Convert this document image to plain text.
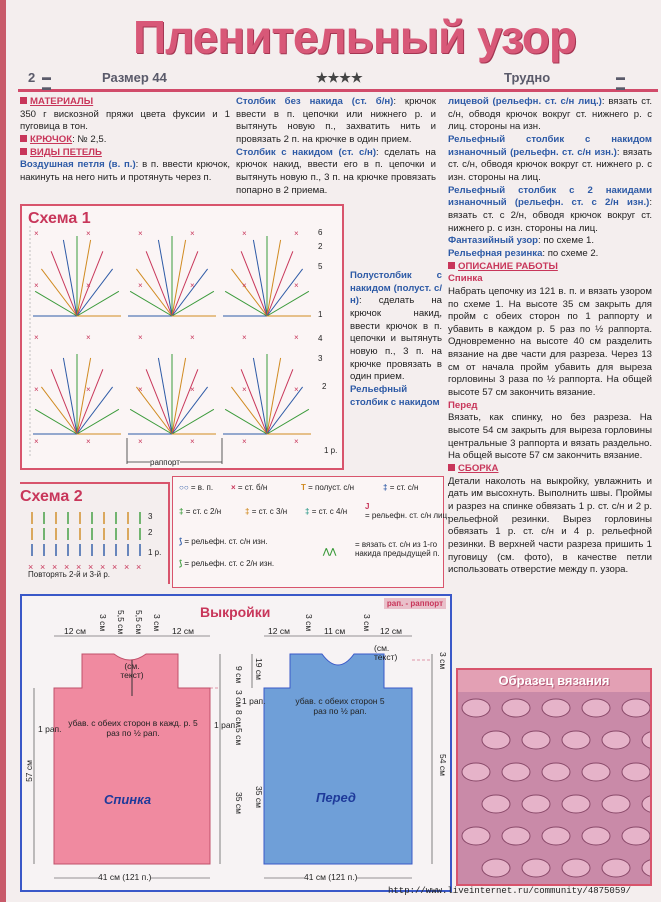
Пленительный узор
2 ▬
▬
Размер 44	★★★★	Трудно	▬
▬
МАТЕРИАЛЫ
350 г вискозной пряжи цвета фуксии и 1 пуговица в тон.
КРЮЧОК: № 2,5.
ВИДЫ ПЕТЕЛЬ
Воздушная петля (в. п.): в п. ввести крючок, накинуть на него нить и протянуть через п.
Столбик без накида (ст. б/н): крючок ввести в п. цепочки или нижнего р. и вытянуть новую п., захватить нить и провязать 2 п. на крючке в один прием.
Столбик с накидом (ст. с/н): сделать на крючок накид, ввести его в п. цепочки и вытянуть новую п., 3 п. на крючке провязать попарно в 2 приема.
Полустолбик с накидом (полуст. с/н): сделать на крючок накид, ввести крючок в п. цепочки и вытянуть новую п., 3 п. на крючке провязать в один прием.
Рельефный столбик с накидом
лицевой (рельефн. ст. с/н лиц.): вязать ст. с/н, обводя крючок вокруг ст. нижнего р. с лиц. стороны на изн.
Рельефный столбик с накидом изнаночный (рельефн. ст. с/н изн.): вязать ст. с/н, обводя крючок вокруг ст. нижнего р. с изн. стороны на лиц.
Рельефный столбик с 2 накидами изнаночный (рельефн. ст. с 2/н изн.): вязать ст. с 2/н, обводя крючок вокруг ст. нижнего р. с изн. стороны на лиц.
Фантазийный узор: по схеме 1.
Рельефная резинка: по схеме 2.
ОПИСАНИЕ РАБОТЫ
Спинка
Набрать цепочку из 121 в. п. и вязать узором по схеме 1. На высоте 35 см закрыть для пройм с обеих сторон по 1 раппорту и убавить в каждом р. 5 раз по ½ раппорта. Одновременно на высоте 40 см разделить вязание на две части для разреза. Через 13 см от начала пройм убавить для выреза горловины 3 раза по ½ раппорта. На общей высоте 57 см закончить вязание.
Перед
Вязать, как спинку, но без разреза. На высоте 54 см закрыть для выреза горловины центральные 3 раппорта и вязать раздельно. На общей высоте 57 см закончить вязание.
СБОРКА
Детали наколоть на выкройку, увлажнить и дать им высохнуть. Выполнить швы. Проймы и разрез на спинке обвязать 1 р. ст. с/н и 2 р. рельефной резинки. Вырез горловины обвязать 1 р. ст. с/н и 4 р. рельефной резинки. В верхней части разреза пришить 1 пуговицу (см. фото), в качестве петли использовать отверстие между п. узора.
Схема 1
×	×	×	×	×	×
×	×	×	×	×	×
×	×	×	×	×	×
×	×	×	×	×	×
×	×	×	×	×	×
раппорт
6
5
4
3
2
1 р.
2
1
Схема 2
× × × × × × × × × ×
3
2
1 р.
Повторять 2-й и 3-й р.
○○ = в. п. × = ст. б/н	T = полуст. с/н	‡ = ст. с/н
‡ = ст. с 2/н	‡ = ст. с 3/н ‡ = ст. с 4/н
J = рельефн. ст. с/н лиц.
⟆ = рельефн. ст. с/н изн.
⟆ = рельефн. ст. с 2/н изн.
⋀⋀
= вязать ст. с/н из 1-го накида предыдущей п.
Выкройки
рап. - раппорт
12 см 3 см 5,5 см 5,5 см 3 см 12 см
(см. текст)	9 см
3 см
8 см
5 см
35 см
57 см
1 рап.	1 рап.
убав. с обеих сторон в кажд. р. 5 раз по ½ рап.
Спинка
41 см (121 п.)
12 см 3 см 11 см 3 см 12 см
(см. текст)	3 см
19 см
35 см
54 см
1 рап.	убав. с обеих сторон 5 раз по ½ рап.
Перед
41 см (121 п.)
Образец вязания
http://www.liveinternet.ru/community/4875059/
